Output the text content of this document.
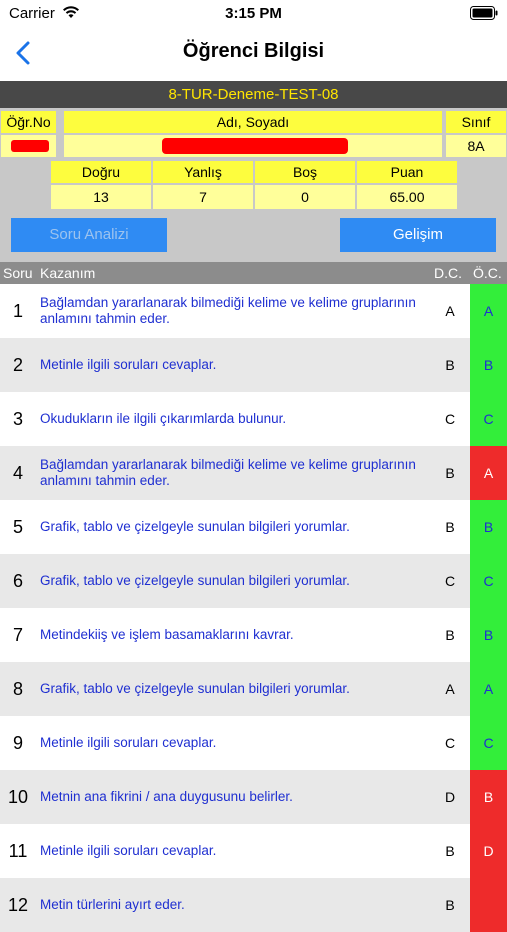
Carrier	3:15 PM
Öğrenci Bilgisi
8-TUR-Deneme-TEST-08
Öğr.No	Adı, Soyadı	Sınıf
8A
Doğru	Yanlış	Boş	Puan
13	7	0	65.00
Soru Analizi	Gelişim
Soru Kazanım	D.C. Ö.C.
1	Bağlamdan yararlanarak bilmediği kelime ve kelime gruplarının anlamını tahmin eder.	A	A
2	Metinle ilgili soruları cevaplar.	B	B
3	Okudukların ile ilgili çıkarımlarda bulunur.	C	C
4	Bağlamdan yararlanarak bilmediği kelime ve kelime gruplarının anlamını tahmin eder.	B	A
5	Grafik, tablo ve çizelgeyle sunulan bilgileri yorumlar.	B	B
6	Grafik, tablo ve çizelgeyle sunulan bilgileri yorumlar.	C	C
7	Metindekiiş ve işlem basamaklarını kavrar.	B	B
8	Grafik, tablo ve çizelgeyle sunulan bilgileri yorumlar.	A	A
9	Metinle ilgili soruları cevaplar.	C	C
10 Metnin ana fikrini / ana duygusunu belirler.	D	B
11 Metinle ilgili soruları cevaplar.	B	D
12 Metin türlerini ayırt eder.	B
